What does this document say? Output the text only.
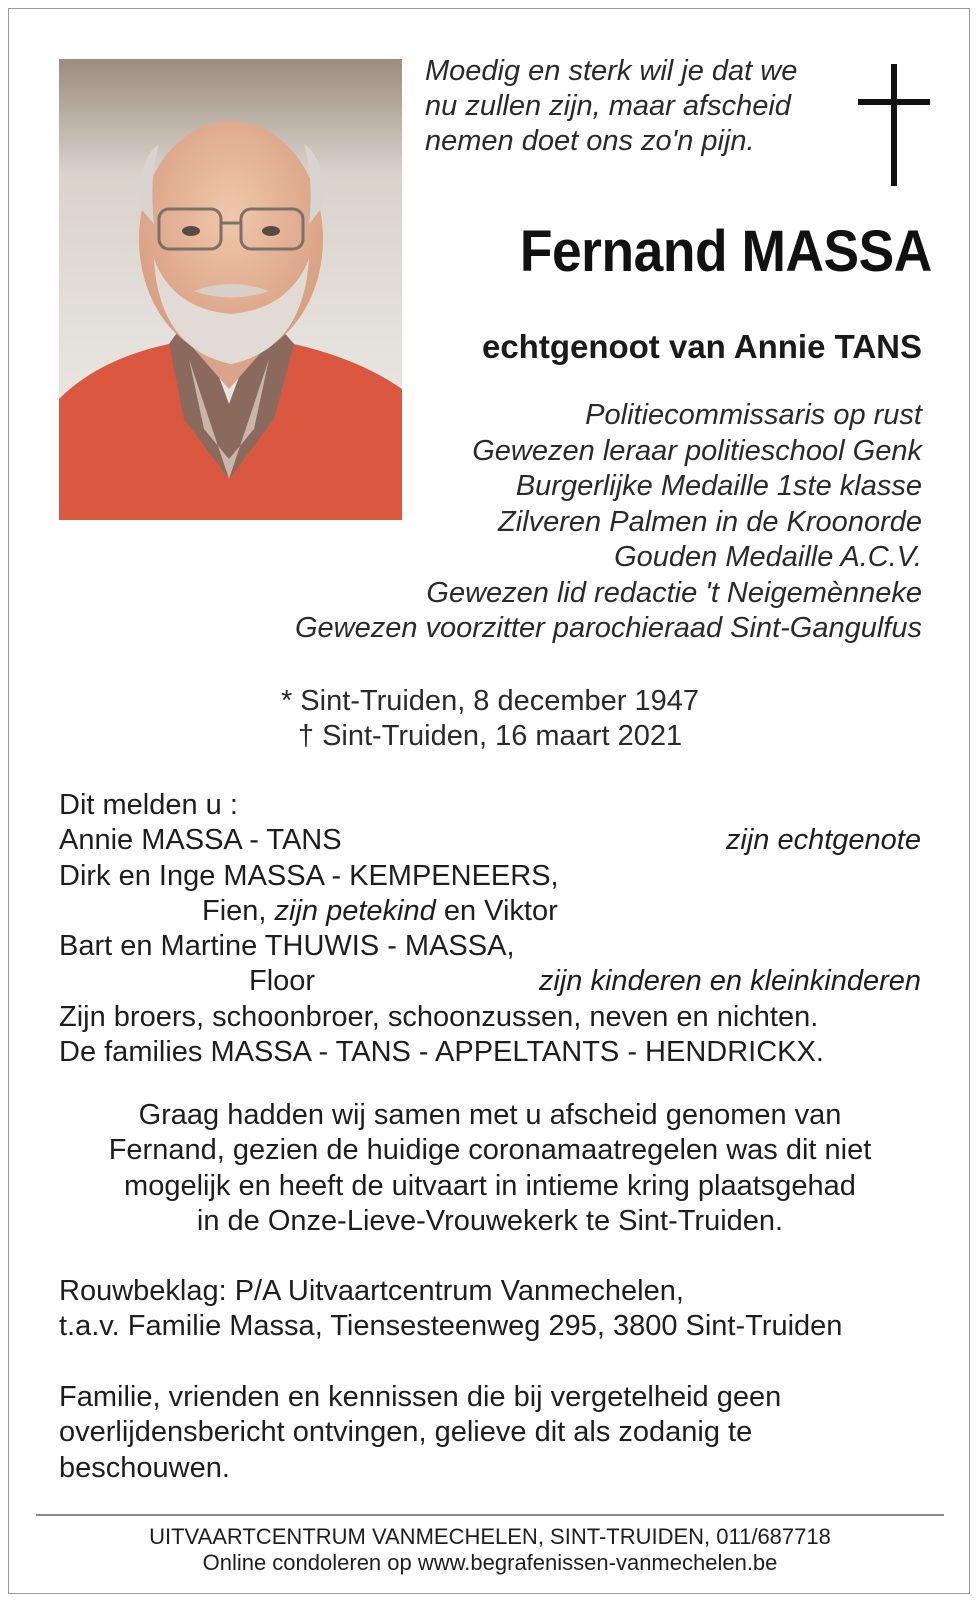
Moedig en sterk wil je dat we
nu zullen zijn, maar afscheid
nemen doet ons zo'n pijn.
Fernand MASSA
echtgenoot van Annie TANS
Politiecommissaris op rust
Gewezen leraar politieschool Genk
Burgerlijke Medaille 1ste klasse
Zilveren Palmen in de Kroonorde
Gouden Medaille A.C.V.
Gewezen lid redactie 't Neigemènneke
Gewezen voorzitter parochieraad Sint-Gangulfus
* Sint-Truiden, 8 december 1947
† Sint-Truiden, 16 maart 2021
Dit melden u :
Annie MASSA - TANS	zijn echtgenote
Dirk en Inge MASSA - KEMPENEERS,
Fien, zijn petekind en Viktor
Bart en Martine THUWIS - MASSA,
Floor	zijn kinderen en kleinkinderen
Zijn broers, schoonbroer, schoonzussen, neven en nichten.
De families MASSA - TANS - APPELTANTS - HENDRICKX.
Graag hadden wij samen met u afscheid genomen van
Fernand, gezien de huidige coronamaatregelen was dit niet
mogelijk en heeft de uitvaart in intieme kring plaatsgehad
in de Onze-Lieve-Vrouwekerk te Sint-Truiden.
Rouwbeklag: P/A Uitvaartcentrum Vanmechelen,
t.a.v. Familie Massa, Tiensesteenweg 295, 3800 Sint-Truiden
Familie, vrienden en kennissen die bij vergetelheid geen
overlijdensbericht ontvingen, gelieve dit als zodanig te
beschouwen.
UITVAARTCENTRUM VANMECHELEN, SINT-TRUIDEN, 011/687718
Online condoleren op www.begrafenissen-vanmechelen.be
